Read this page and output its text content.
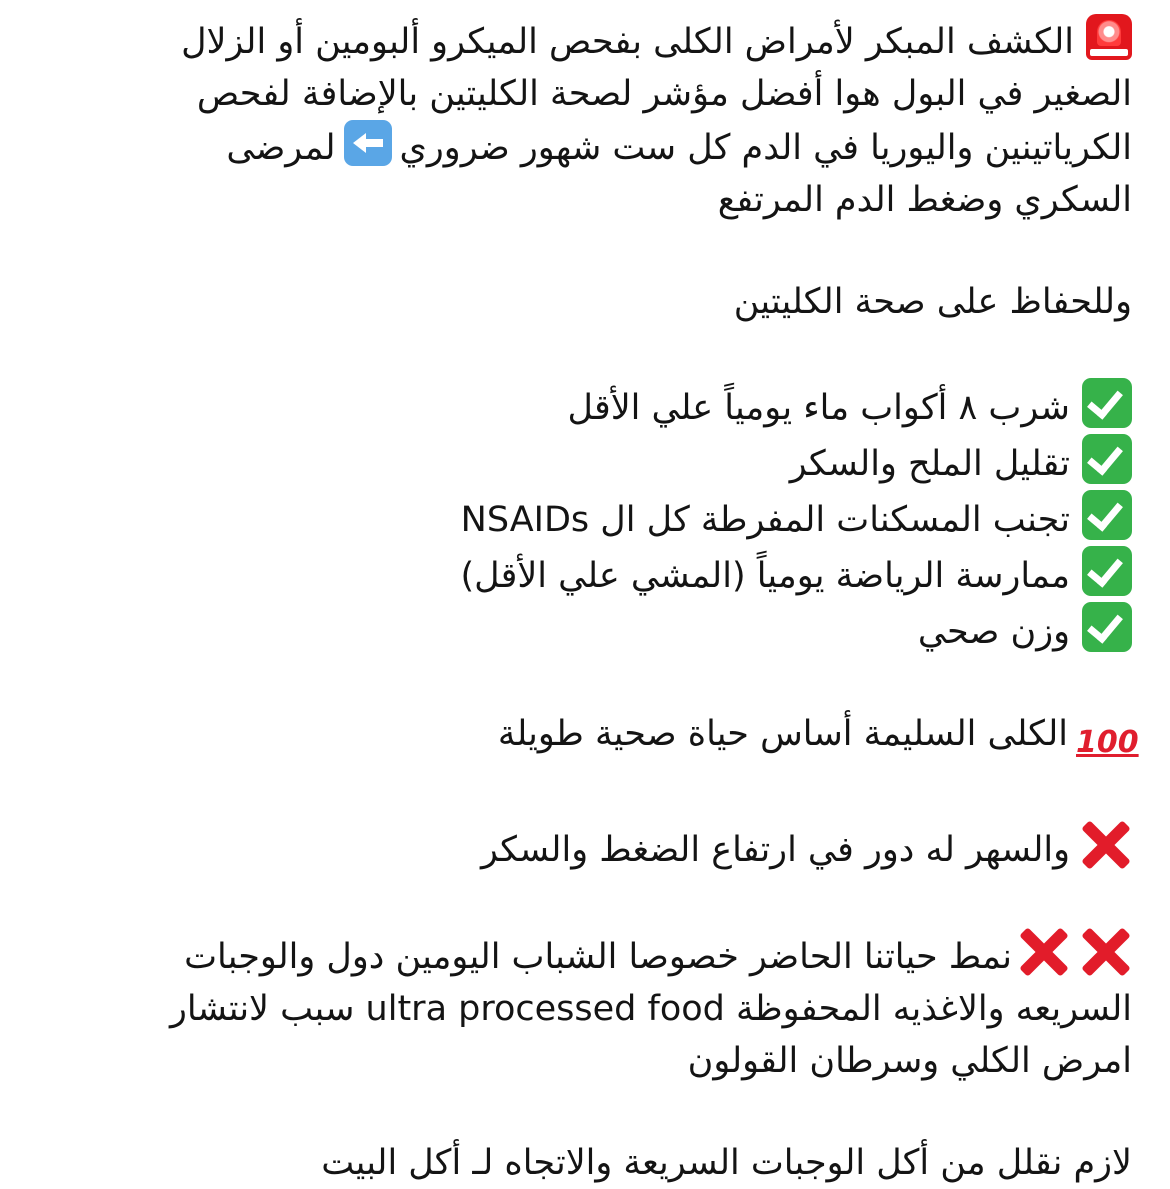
الكشف المبكر لأمراض الكلى بفحص الميكرو ألبومين أو الزلال
الصغير في البول هوا أفضل مؤشر لصحة الكليتين بالإضافة لفحص
الكرياتينين واليوريا في الدم كل ست شهور ضروريلمرضى
السكري وضغط الدم المرتفع

وللحفاظ على صحة الكليتين

شرب ٨ أكواب ماء يومياً علي الأقل
تقليل الملح والسكر
تجنب المسكنات المفرطة كل ال NSAIDs
ممارسة الرياضة يومياً (المشي علي الأقل)
وزن صحي

100الكلى السليمة أساس حياة صحية طويلة

والسهر له دور في ارتفاع الضغط والسكر

نمط حياتنا الحاضر خصوصا الشباب اليومين دول والوجبات
السريعه والاغذيه المحفوظة ultra processed food سبب لانتشار
امرض الكلي وسرطان القولون

لازم نقلل من أكل الوجبات السريعة والاتجاه لـ أكل البيت
